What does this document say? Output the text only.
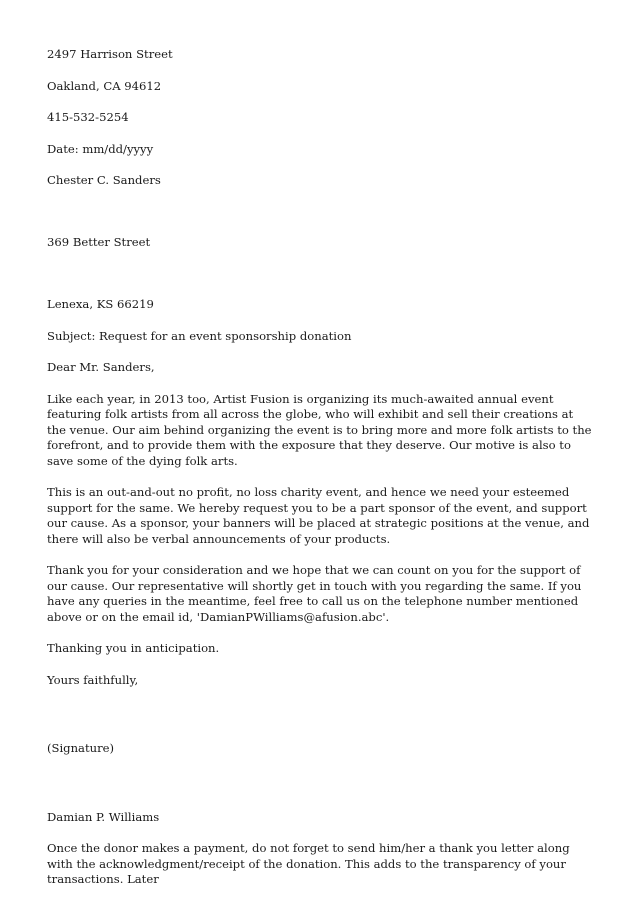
2497 Harrison Street

Oakland, CA 94612

415-532-5254

Date: mm/dd/yyyy

Chester C. Sanders

369 Better Street

Lenexa, KS 66219

Subject: Request for an event sponsorship donation

Dear Mr. Sanders,

Like each year, in 2013 too, Artist Fusion is organizing its much-awaited annual event featuring folk artists from all across the globe, who will exhibit and sell their creations at the venue. Our aim behind organizing the event is to bring more and more folk artists to the forefront, and to provide them with the exposure that they deserve. Our motive is also to save some of the dying folk arts.

This is an out-and-out no profit, no loss charity event, and hence we need your esteemed support for the same. We hereby request you to be a part sponsor of the event, and support our cause. As a sponsor, your banners will be placed at strategic positions at the venue, and there will also be verbal announcements of your products.

Thank you for your consideration and we hope that we can count on you for the support of our cause. Our representative will shortly get in touch with you regarding the same. If you have any queries in the meantime, feel free to call us on the telephone number mentioned above or on the email id, 'DamianPWilliams@afusion.abc'.

Thanking you in anticipation.

Yours faithfully,

(Signature)

Damian P. Williams

Once the donor makes a payment, do not forget to send him/her a thank you letter along with the acknowledgment/receipt of the donation. This adds to the transparency of your transactions. Later
